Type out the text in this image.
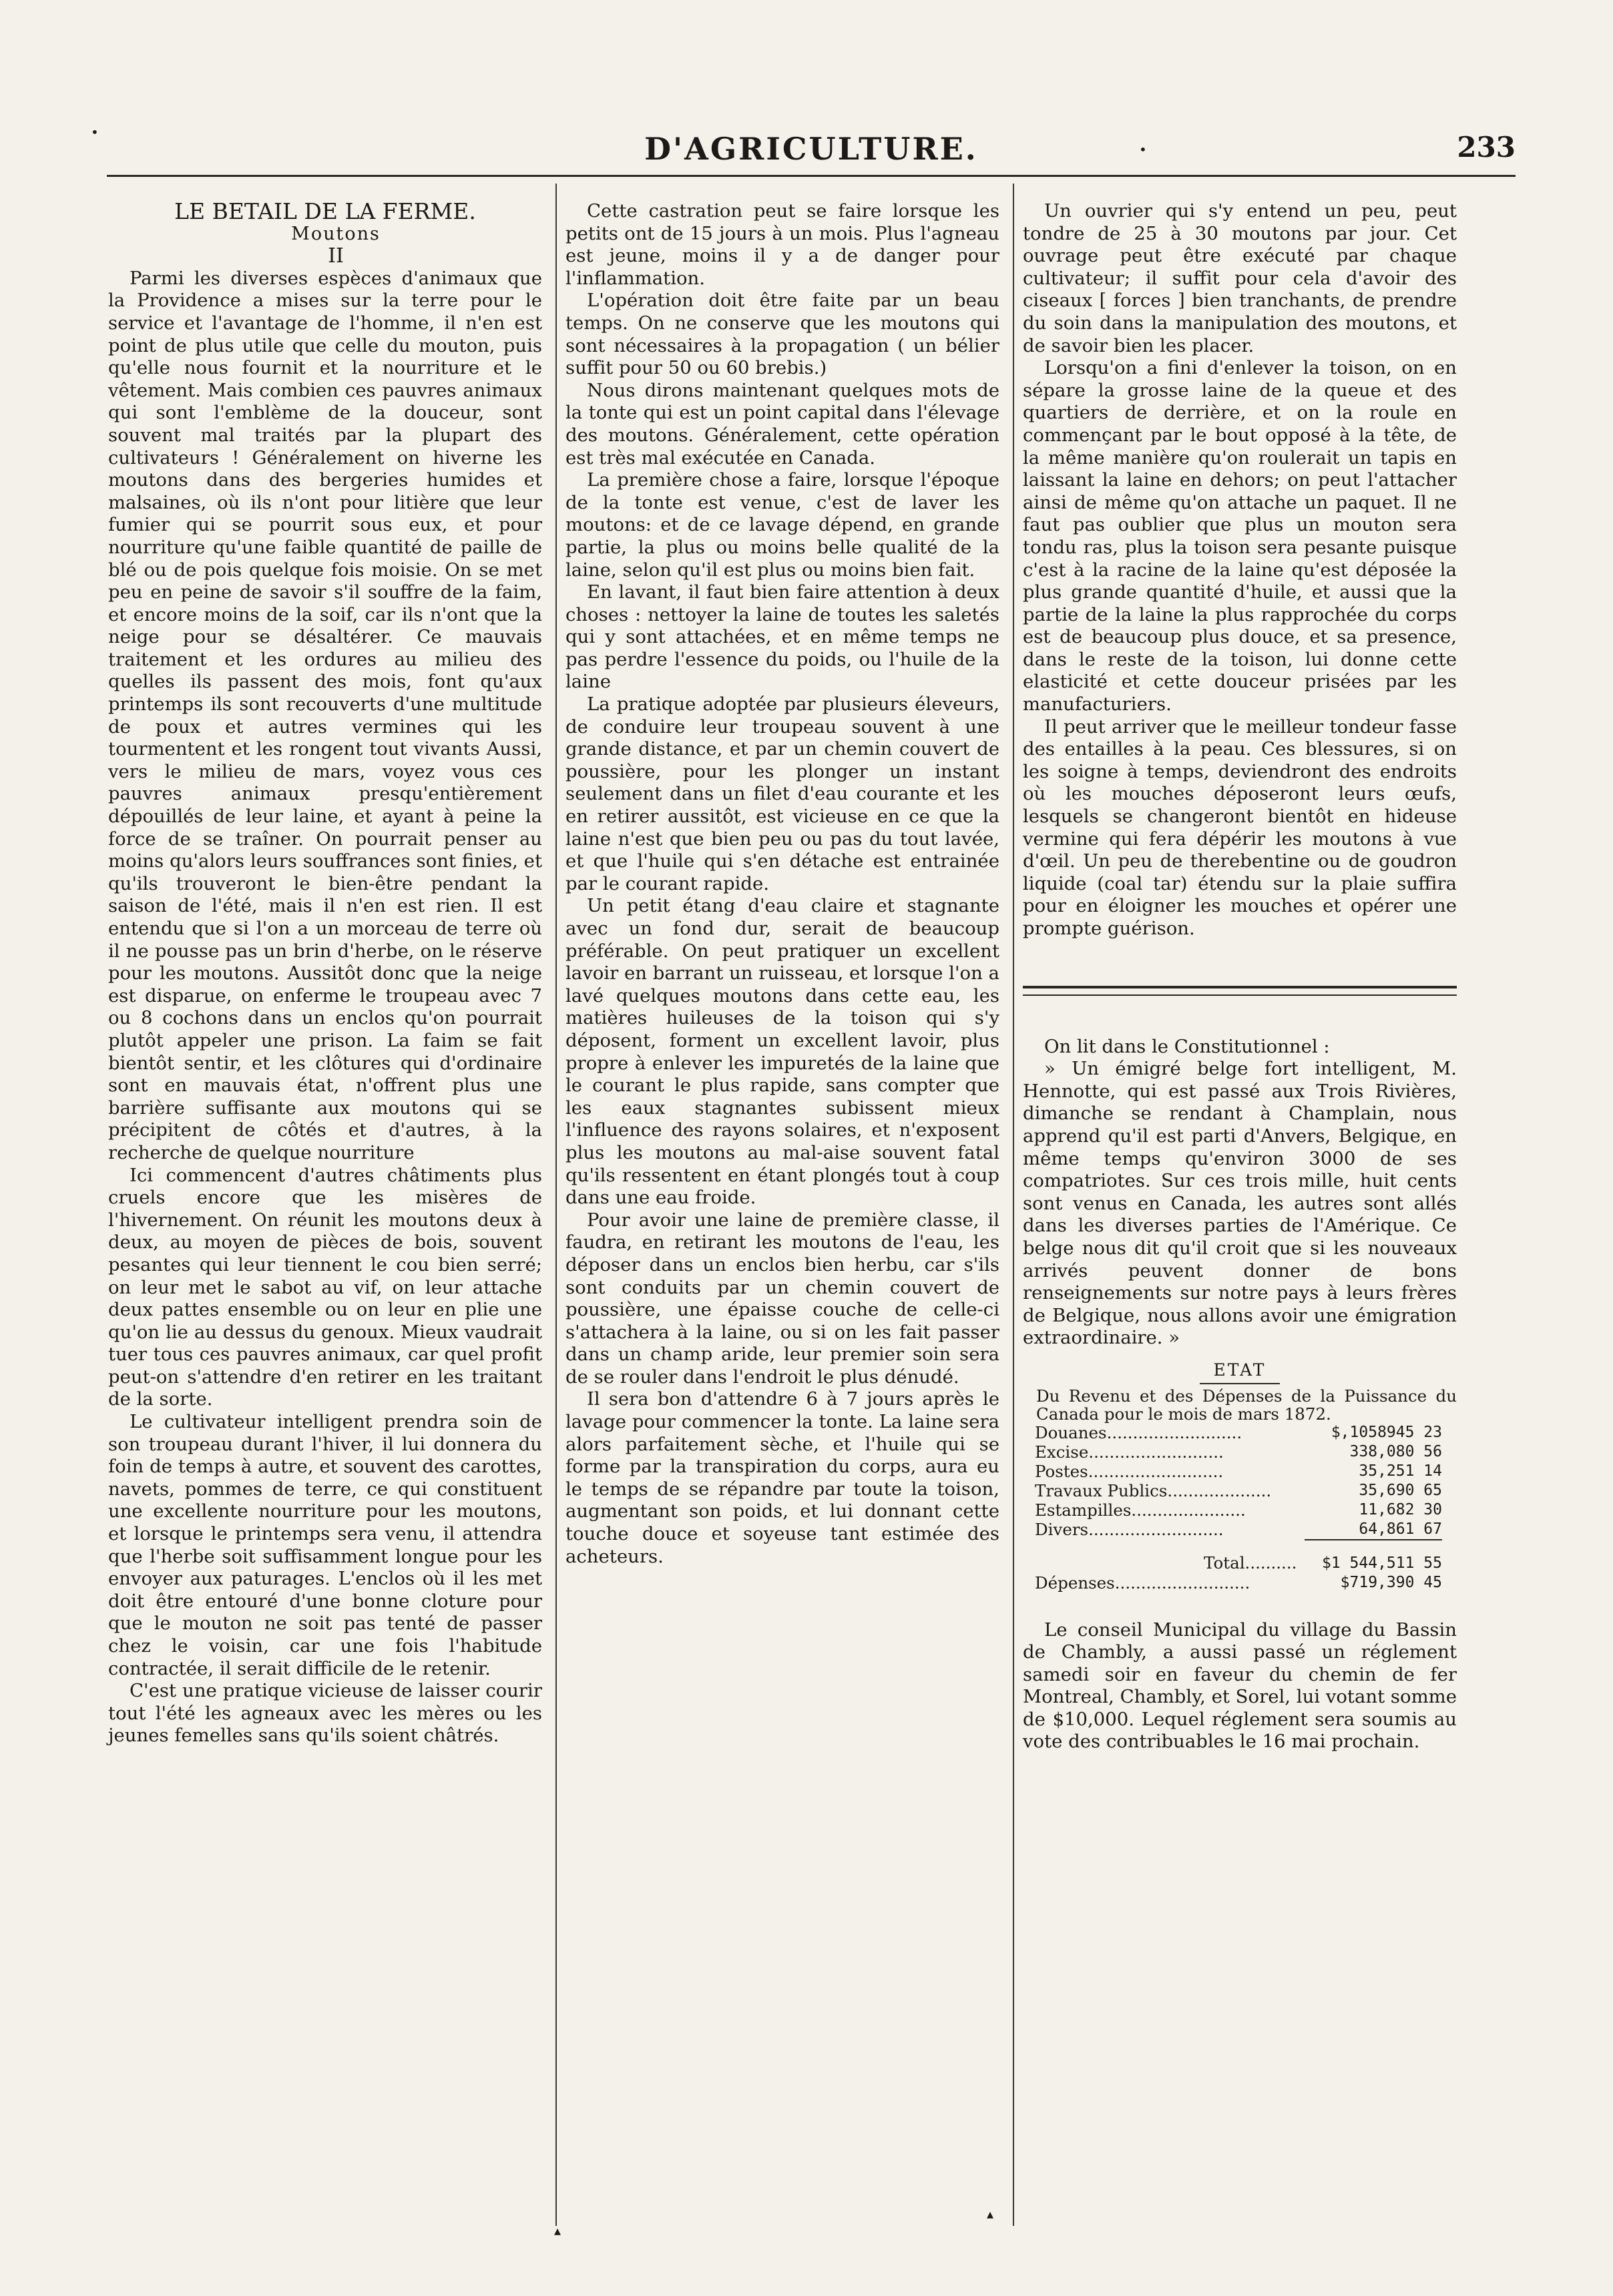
D'AGRICULTURE.	233

LE BETAIL DE LA FERME.

Moutons

II

Parmi les diverses espèces d'animaux que la Providence a mises sur la terre pour le service et l'avantage de l'homme, il n'en est point de plus utile que celle du mouton, puis qu'elle nous fournit et la nourriture et le vêtement. Mais combien ces pauvres animaux qui sont l'emblème de la douceur, sont souvent mal traités par la plupart des cultivateurs ! Généralement on hiverne les moutons dans des bergeries humides et malsaines, où ils n'ont pour litière que leur fumier qui se pourrit sous eux, et pour nourriture qu'une faible quantité de paille de blé ou de pois quelque fois moisie. On se met peu en peine de savoir s'il souffre de la faim, et encore moins de la soif, car ils n'ont que la neige pour se désaltérer. Ce mauvais traitement et les ordures au milieu des quelles ils passent des mois, font qu'aux printemps ils sont recouverts d'une multitude de poux et autres vermines qui les tourmentent et les rongent tout vivants Aussi, vers le milieu de mars, voyez vous ces pauvres animaux presqu'entièrement dépouillés de leur laine, et ayant à peine la force de se traîner. On pourrait penser au moins qu'alors leurs souffrances sont finies, et qu'ils trouveront le bien-être pendant la saison de l'été, mais il n'en est rien. Il est entendu que si l'on a un morceau de terre où il ne pousse pas un brin d'herbe, on le réserve pour les moutons. Aussitôt donc que la neige est disparue, on enferme le troupeau avec 7 ou 8 cochons dans un enclos qu'on pourrait plutôt appeler une prison. La faim se fait bientôt sentir, et les clôtures qui d'ordinaire sont en mauvais état, n'offrent plus une barrière suffisante aux moutons qui se précipitent de côtés et d'autres, à la recherche de quelque nourriture

Ici commencent d'autres châtiments plus cruels encore que les misères de l'hivernement. On réunit les moutons deux à deux, au moyen de pièces de bois, souvent pesantes qui leur tiennent le cou bien serré; on leur met le sabot au vif, on leur attache deux pattes ensemble ou on leur en plie une qu'on lie au dessus du genoux. Mieux vaudrait tuer tous ces pauvres animaux, car quel profit peut-on s'attendre d'en retirer en les traitant de la sorte.

Le cultivateur intelligent prendra soin de son troupeau durant l'hiver, il lui donnera du foin de temps à autre, et souvent des carottes, navets, pommes de terre, ce qui constituent une excellente nourriture pour les moutons, et lorsque le printemps sera venu, il attendra que l'herbe soit suffisamment longue pour les envoyer aux paturages. L'enclos où il les met doit être entouré d'une bonne cloture pour que le mouton ne soit pas tenté de passer chez le voisin, car une fois l'habitude contractée, il serait difficile de le retenir.

C'est une pratique vicieuse de laisser courir tout l'été les agneaux avec les mères ou les jeunes femelles sans qu'ils soient châtrés.

Cette castration peut se faire lorsque les petits ont de 15 jours à un mois. Plus l'agneau est jeune, moins il y a de danger pour l'inflammation.

L'opération doit être faite par un beau temps. On ne conserve que les moutons qui sont nécessaires à la propagation ( un bélier suffit pour 50 ou 60 brebis.)

Nous dirons maintenant quelques mots de la tonte qui est un point capital dans l'élevage des moutons. Généralement, cette opération est très mal exécutée en Canada.

La première chose a faire, lorsque l'époque de la tonte est venue, c'est de laver les moutons: et de ce lavage dépend, en grande partie, la plus ou moins belle qualité de la laine, selon qu'il est plus ou moins bien fait.

En lavant, il faut bien faire attention à deux choses : nettoyer la laine de toutes les saletés qui y sont attachées, et en même temps ne pas perdre l'essence du poids, ou l'huile de la laine

La pratique adoptée par plusieurs éleveurs, de conduire leur troupeau souvent à une grande distance, et par un chemin couvert de poussière, pour les plonger un instant seulement dans un filet d'eau courante et les en retirer aussitôt, est vicieuse en ce que la laine n'est que bien peu ou pas du tout lavée, et que l'huile qui s'en détache est entrainée par le courant rapide.

Un petit étang d'eau claire et stagnante avec un fond dur, serait de beaucoup préférable. On peut pratiquer un excellent lavoir en barrant un ruisseau, et lorsque l'on a lavé quelques moutons dans cette eau, les matières huileuses de la toison qui s'y déposent, forment un excellent lavoir, plus propre à enlever les impuretés de la laine que le courant le plus rapide, sans compter que les eaux stagnantes subissent mieux l'influence des rayons solaires, et n'exposent plus les moutons au mal-aise souvent fatal qu'ils ressentent en étant plongés tout à coup dans une eau froide.

Pour avoir une laine de première classe, il faudra, en retirant les moutons de l'eau, les déposer dans un enclos bien herbu, car s'ils sont conduits par un chemin couvert de poussière, une épaisse couche de celle-ci s'attachera à la laine, ou si on les fait passer dans un champ aride, leur premier soin sera de se rouler dans l'endroit le plus dénudé.

Il sera bon d'attendre 6 à 7 jours après le lavage pour commencer la tonte. La laine sera alors parfaitement sèche, et l'huile qui se forme par la transpiration du corps, aura eu le temps de se répandre par toute la toison, augmentant son poids, et lui donnant cette touche douce et soyeuse tant estimée des acheteurs.

Un ouvrier qui s'y entend un peu, peut tondre de 25 à 30 moutons par jour. Cet ouvrage peut être exécuté par chaque cultivateur; il suffit pour cela d'avoir des ciseaux [ forces ] bien tranchants, de prendre du soin dans la manipulation des moutons, et de savoir bien les placer.

Lorsqu'on a fini d'enlever la toison, on en sépare la grosse laine de la queue et des quartiers de derrière, et on la roule en commençant par le bout opposé à la tête, de la même manière qu'on roulerait un tapis en laissant la laine en dehors; on peut l'attacher ainsi de même qu'on attache un paquet. Il ne faut pas oublier que plus un mouton sera tondu ras, plus la toison sera pesante puisque c'est à la racine de la laine qu'est déposée la plus grande quantité d'huile, et aussi que la partie de la laine la plus rapprochée du corps est de beaucoup plus douce, et sa presence, dans le reste de la toison, lui donne cette elasticité et cette douceur prisées par les manufacturiers.

Il peut arriver que le meilleur tondeur fasse des entailles à la peau. Ces blessures, si on les soigne à temps, deviendront des endroits où les mouches déposeront leurs œufs, lesquels se changeront bientôt en hideuse vermine qui fera dépérir les moutons à vue d'œil. Un peu de therebentine ou de goudron liquide (coal tar) étendu sur la plaie suffira pour en éloigner les mouches et opérer une prompte guérison.

On lit dans le Constitutionnel :

» Un émigré belge fort intelligent, M. Hennotte, qui est passé aux Trois Rivières, dimanche se rendant à Champlain, nous apprend qu'il est parti d'Anvers, Belgique, en même temps qu'environ 3000 de ses compatriotes. Sur ces trois mille, huit cents sont venus en Canada, les autres sont allés dans les diverses parties de l'Amérique. Ce belge nous dit qu'il croit que si les nouveaux arrivés peuvent donner de bons renseignements sur notre pays à leurs frères de Belgique, nous allons avoir une émigration extraordinaire. »

ETAT

Du Revenu et des Dépenses de la Puissance du Canada pour le mois de mars 1872.

Douanes..........................	$,1058945 23
Excise..........................	338,080 56
Postes..........................	35,251 14
Travaux Publics....................	35,690 65
Estampilles......................	11,682 30
Divers..........................	64,861 67
Total..........	$1 544,511 55
Dépenses..........................	$719,390 45

Le conseil Municipal du village du Bassin de Chambly, a aussi passé un réglement samedi soir en faveur du chemin de fer Montreal, Chambly, et Sorel, lui votant somme de $10,000. Lequel réglement sera soumis au vote des contribuables le 16 mai prochain.

•
•
▴
▴
